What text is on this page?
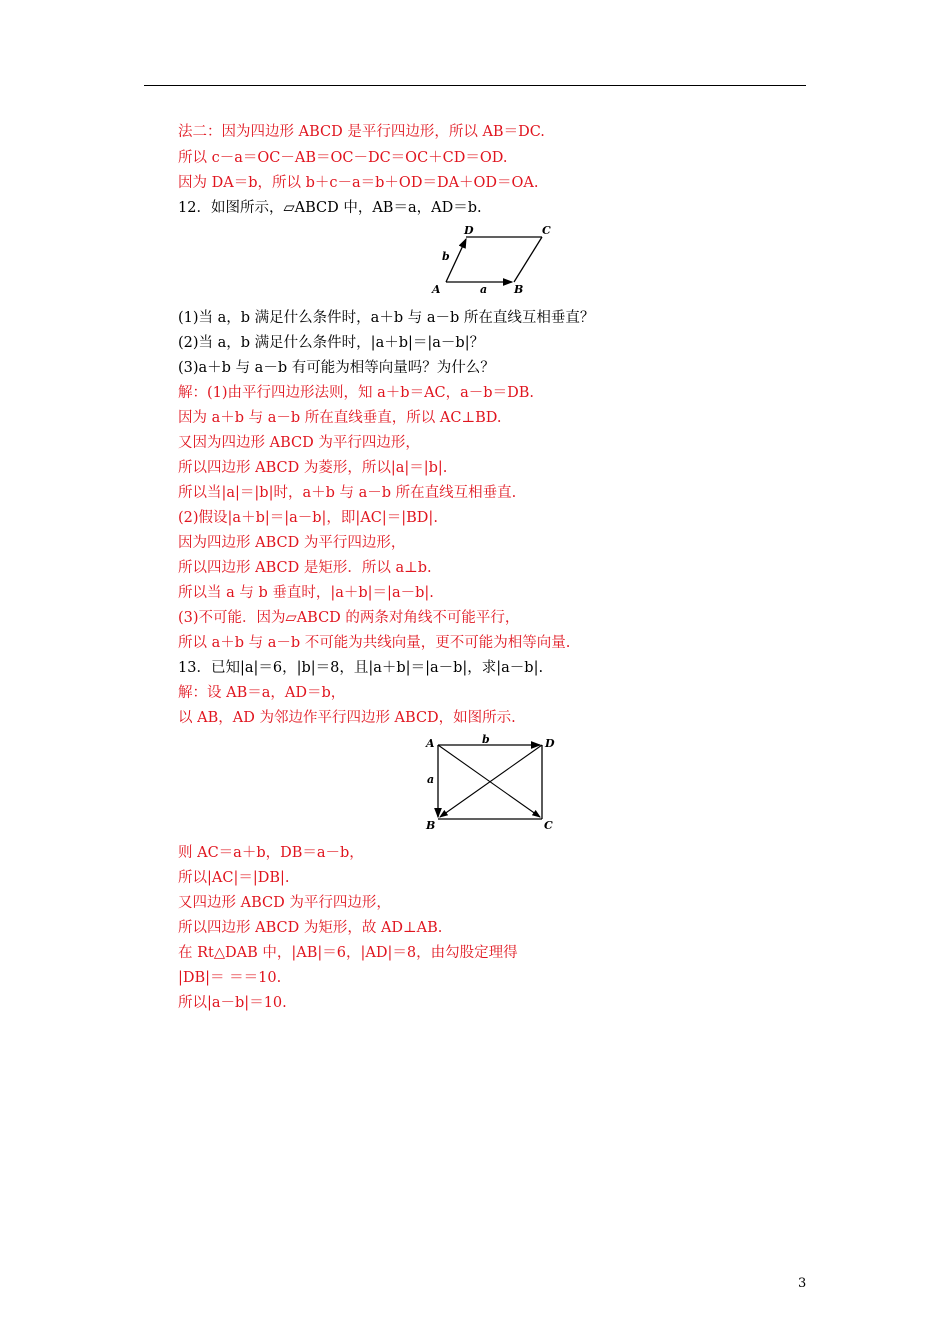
法二：因为四边形 ABCD 是平行四边形，所以 AB＝DC.
所以 c－a＝OC－AB＝OC－DC＝OC＋CD＝OD.
因为 DA＝b，所以 b＋c－a＝b＋OD＝DA＋OD＝OA.
12．如图所示，▱ABCD 中，AB＝a，AD＝b.
A	B
C
D
a
b
(1)当 a，b 满足什么条件时，a＋b 与 a－b 所在直线互相垂直？
(2)当 a，b 满足什么条件时，|a＋b|＝|a－b|？
(3)a＋b 与 a－b 有可能为相等向量吗？为什么？
解：(1)由平行四边形法则，知 a＋b＝AC，a－b＝DB.
因为 a＋b 与 a－b 所在直线垂直，所以 AC⊥BD.
又因为四边形 ABCD 为平行四边形，
所以四边形 ABCD 为菱形，所以|a|＝|b|.
所以当|a|＝|b|时，a＋b 与 a－b 所在直线互相垂直.
(2)假设|a＋b|＝|a－b|，即|AC|＝|BD|.
因为四边形 ABCD 为平行四边形，
所以四边形 ABCD 是矩形．所以 a⊥b.
所以当 a 与 b 垂直时，|a＋b|＝|a－b|.
(3)不可能．因为▱ABCD 的两条对角线不可能平行，
所以 a＋b 与 a－b 不可能为共线向量，更不可能为相等向量.
13．已知|a|＝6，|b|＝8，且|a＋b|＝|a－b|，求|a－b|.
解：设 AB＝a，AD＝b，
以 AB，AD 为邻边作平行四边形 ABCD，如图所示.
A
B	C
D
b
a
则 AC＝a＋b，DB＝a－b，
所以|AC|＝|DB|.
又四边形 ABCD 为平行四边形，
所以四边形 ABCD 为矩形，故 AD⊥AB.
在 Rt△DAB 中，|AB|＝6，|AD|＝8，由勾股定理得
|DB|＝ ＝＝10.
所以|a－b|＝10.
3
